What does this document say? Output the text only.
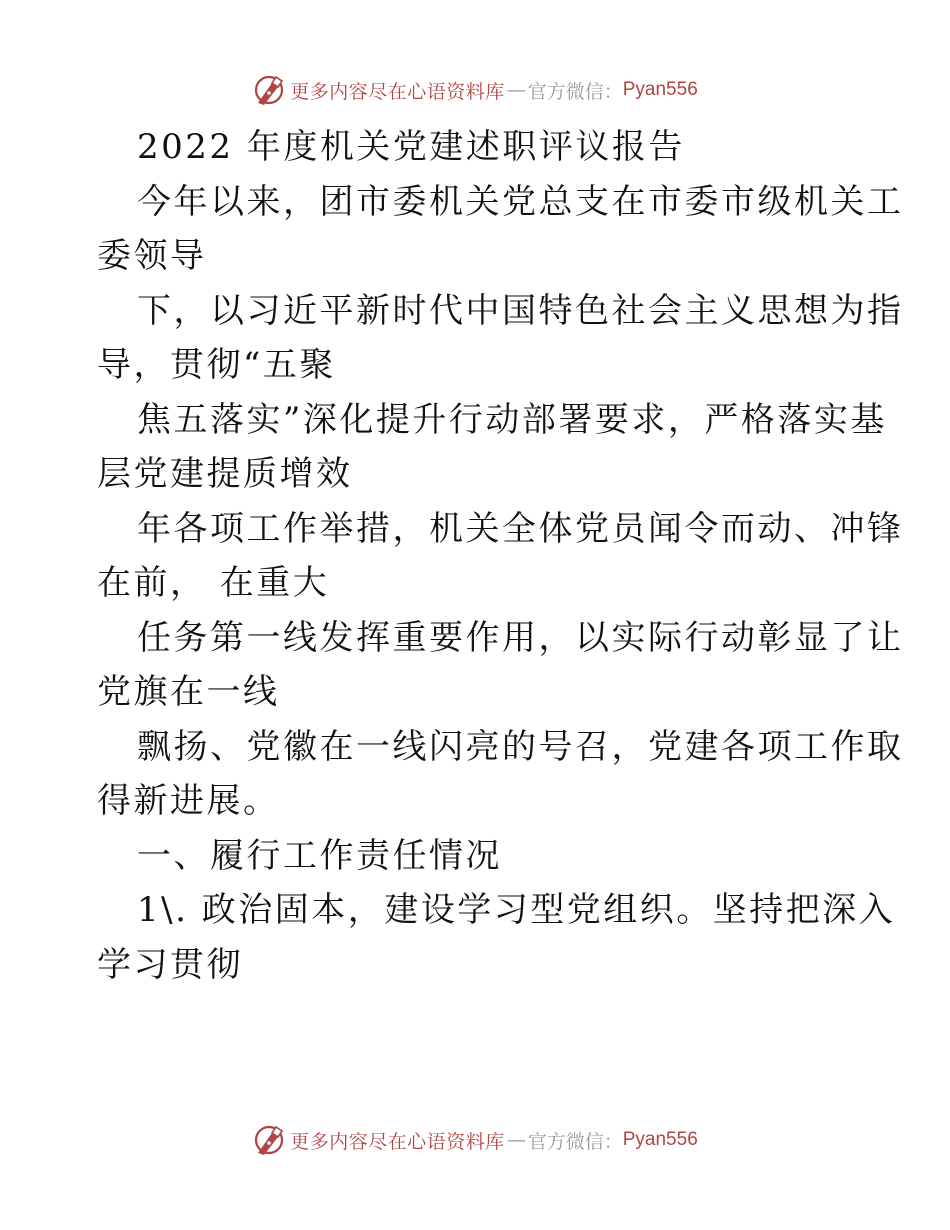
更多内容尽在心语资料库 — 官方微信： Pyan556
2022 年度机关党建述职评议报告
今年以来，团市委机关党总支在市委市级机关工
委领导
下，以习近平新时代中国特色社会主义思想为指
导，贯彻“五聚
焦五落实”深化提升行动部署要求，严格落实基
层党建提质增效
年各项工作举措，机关全体党员闻令而动、冲锋
在前， 在重大
任务第一线发挥重要作用，以实际行动彰显了让
党旗在一线
飘扬、党徽在一线闪亮的号召，党建各项工作取
得新进展。
一、履行工作责任情况
1\. 政治固本，建设学习型党组织。坚持把深入
学习贯彻
更多内容尽在心语资料库 — 官方微信： Pyan556
